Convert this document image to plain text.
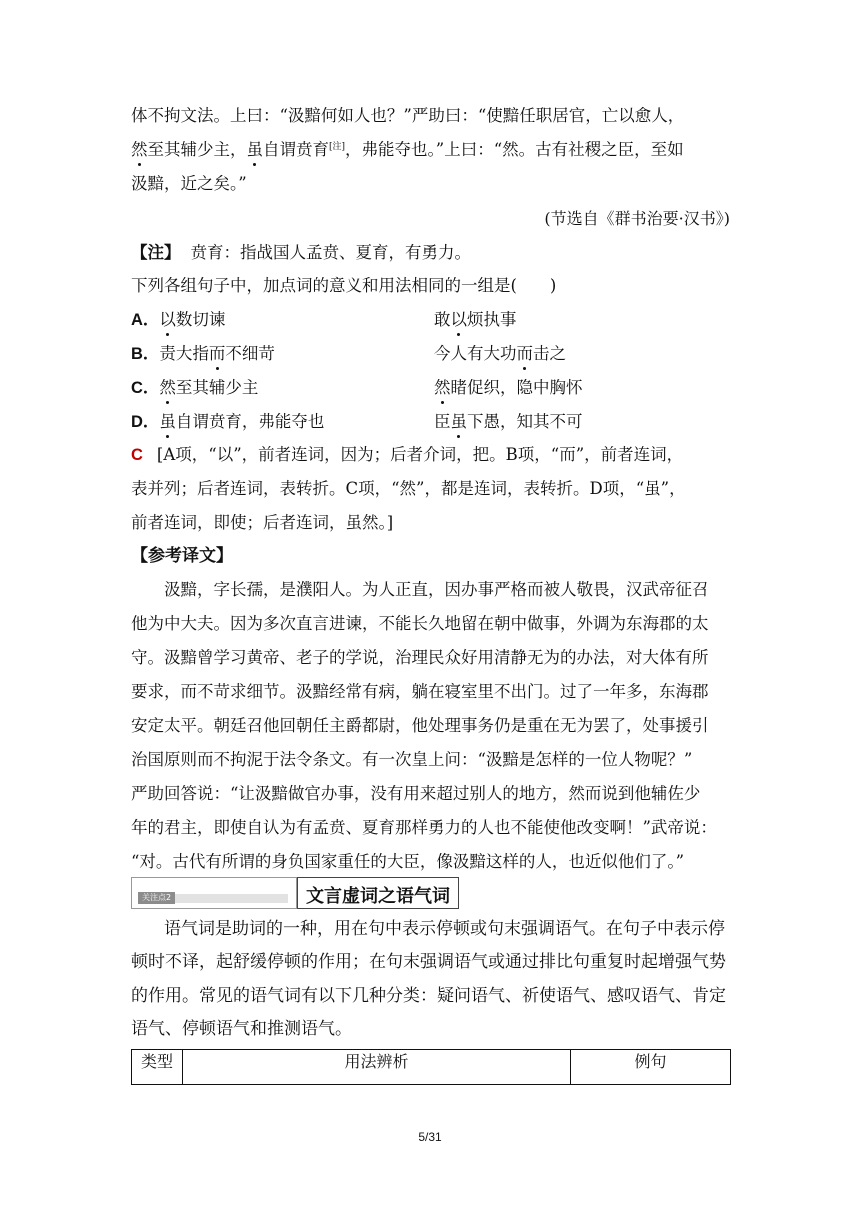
体不拘文法。上曰：“汲黯何如人也？”严助曰：“使黯任职居官，亡以愈人，
然至其辅少主，虽自谓贲育[注]，弗能夺也。”上曰：“然。古有社稷之臣，至如
汲黯，近之矣。”
(节选自《群书治要·汉书》)
【注】 贲育：指战国人孟贲、夏育，有勇力。
下列各组句子中，加点词的意义和用法相同的一组是(　　)
A．以数切谏	敢以烦执事
B．责大指而不细苛	今人有大功而击之
C．然至其辅少主	然睹促织，隐中胸怀
D．虽自谓贲育，弗能夺也	臣虽下愚，知其不可
C [A项，“以”，前者连词，因为；后者介词，把。B项，“而”，前者连词，
表并列；后者连词，表转折。C项，“然”，都是连词，表转折。D项，“虽”，
前者连词，即使；后者连词，虽然。]
【参考译文】
汲黯，字长孺，是濮阳人。为人正直，因办事严格而被人敬畏，汉武帝征召
他为中大夫。因为多次直言进谏，不能长久地留在朝中做事，外调为东海郡的太
守。汲黯曾学习黄帝、老子的学说，治理民众好用清静无为的办法，对大体有所
要求，而不苛求细节。汲黯经常有病，躺在寝室里不出门。过了一年多，东海郡
安定太平。朝廷召他回朝任主爵都尉，他处理事务仍是重在无为罢了，处事援引
治国原则而不拘泥于法令条文。有一次皇上问：“汲黯是怎样的一位人物呢？”
严助回答说：“让汲黯做官办事，没有用来超过别人的地方，然而说到他辅佐少
年的君主，即使自认为有孟贲、夏育那样勇力的人也不能使他改变啊！”武帝说：
“对。古代有所谓的身负国家重任的大臣，像汲黯这样的人，也近似他们了。”
关注点2	文言虚词之语气词
语气词是助词的一种，用在句中表示停顿或句末强调语气。在句子中表示停
顿时不译，起舒缓停顿的作用；在句末强调语气或通过排比句重复时起增强气势
的作用。常见的语气词有以下几种分类：疑问语气、祈使语气、感叹语气、肯定
语气、停顿语气和推测语气。
类型	用法辨析	例句
5/31
